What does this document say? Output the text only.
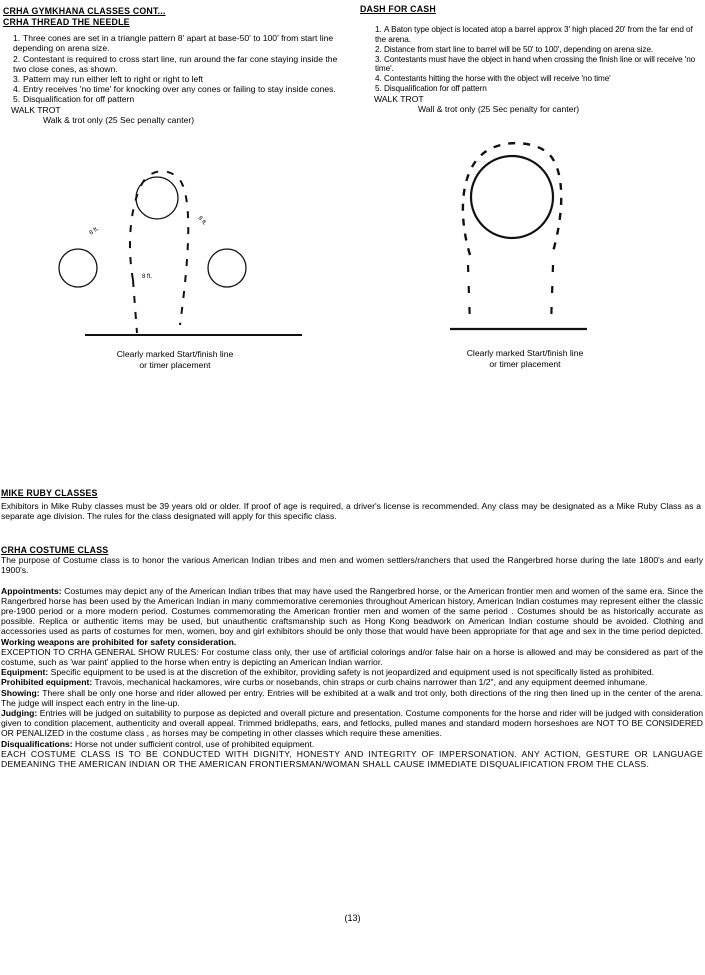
CRHA GYMKHANA CLASSES CONT...
CRHA THREAD THE NEEDLE
1. Three cones are set in a triangle pattern 8' apart at base-50' to 100' from start line depending on arena size.
2. Contestant is required to cross start line, run around the far cone staying inside the two close cones, as shown.
3. Pattern may run either left to right or right to left
4. Entry receives 'no time' for knocking over any cones or failing to stay inside cones.
5. Disqualification for off pattern
WALK TROT
Walk & trot only (25 Sec penalty canter)
8 ft.
8 ft.
8 ft.
Clearly marked Start/finish line
or timer placement
DASH FOR CASH
1. A Baton type object is located atop a barrel approx 3' high placed 20' from the far end of the arena.
2. Distance from start line to barrel will be 50' to 100', depending on arena size.
3. Contestants must have the object in hand when crossing the finish line or will receive 'no time'.
4. Contestants hitting the horse with the object will receive 'no time'
5. Disqualification for off pattern
WALK TROT
Wall & trot only (25 Sec penalty for canter)
Clearly marked Start/finish line
or timer placement
MIKE RUBY CLASSES

Exhibitors in Mike Ruby classes must be 39 years old or older. If proof of age is required, a driver's license is recommended. Any class may be designated as a Mike Ruby Class as a separate age division. The rules for the class designated will apply for this specific class.

CRHA COSTUME CLASS

The purpose of Costume class is to honor the various American Indian tribes and men and women settlers/ranchers that used the Rangerbred horse during the late 1800's and early 1900's.

Appointments: Costumes may depict any of the American Indian tribes that may have used the Rangerbred horse, or the American frontier men and women of the same era. Since the Rangerbred horse has been used by the American Indian in many commemorative ceremonies throughout American history, American Indian costumes may represent either the classic pre-1900 period or a more modern period. Costumes commemorating the American frontier men and women of the same period . Costumes should be as historically accurate as possible. Replica or authentic items may be used, but unauthentic craftsmanship such as Hong Kong beadwork on American Indian costume should be avoided. Clothing and accessories used as parts of costumes for men, women, boy and girl exhibitors should be only those that would have been appropriate for that age and sex in the time period depicted. Working weapons are prohibited for safety consideration.

EXCEPTION TO CRHA GENERAL SHOW RULES: For costume class only, ther use of artificial colorings and/or false hair on a horse is allowed and may be considered as part of the costume, such as 'war paint' applied to the horse when entry is depicting an American Indian warrior.

Equipment: Specific equipment to be used is at the discretion of the exhibitor, providing safety is not jeopardized and equipment used is not specifically listed as prohibited.

Prohibited equipment: Travois, mechanical hackamores, wire curbs or nosebands, chin straps or curb chains narrower than 1/2", and any equipment deemed inhumane.

Showing: There shall be only one horse and rider allowed per entry. Entries will be exhibited at a walk and trot only, both directions of the ring then lined up in the center of the arena. The judge will inspect each entry in the line-up.

Judging: Entries will be judged on suitability to purpose as depicted and overall picture and presentation. Costume components for the horse and rider will be judged with consideration given to condition placement, authenticity and overall appeal. Trimmed bridlepaths, ears, and fetlocks, pulled manes and standard modern horseshoes are NOT TO BE CONSIDERED OR PENALIZED in the costume class , as horses may be competing in other classes which require these amenities.

Disqualifications: Horse not under sufficient control, use of prohibited equipment.

EACH COSTUME CLASS IS TO BE CONDUCTED WITH DIGNITY, HONESTY AND INTEGRITY OF IMPERSONATION. ANY ACTION, GESTURE OR LANGUAGE DEMEANING THE AMERICAN INDIAN OR THE AMERICAN FRONTIERSMAN/WOMAN SHALL CAUSE IMMEDIATE DISQUALIFICATION FROM THE CLASS.

(13)
